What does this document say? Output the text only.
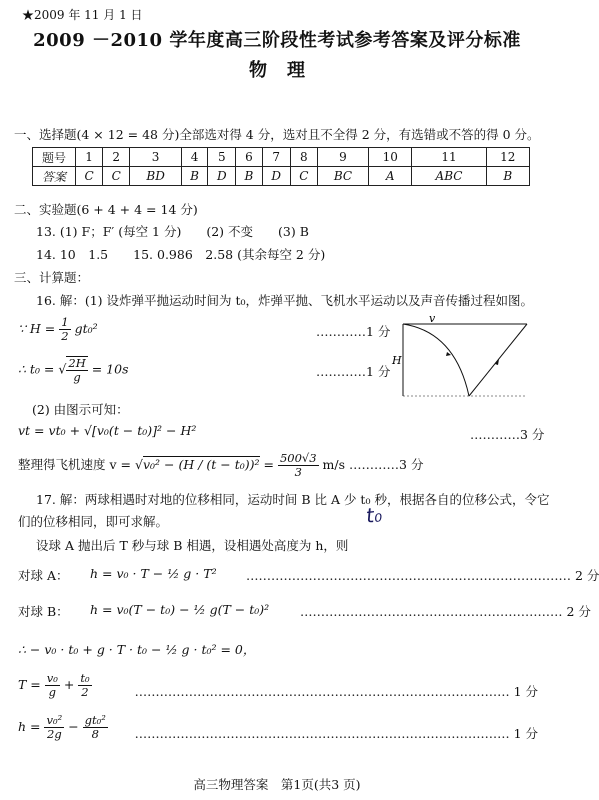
★2009 年 11 月 1 日
2009 －2010 学年度高三阶段性考试参考答案及评分标准
物理
一、选择题(4 × 12 = 48 分)全部选对得 4 分，选对且不全得 2 分，有选错或不答的得 0 分。
题号	1	2	3	4	5	6	7	8	9	10	11	12
答案	C	C	BD	B	D	B	D	C	BC	A	ABC	B
二、实验题(6 + 4 + 4 = 14 分)
13. (1) F；F′ (每空 1 分)　　(2) 不变　　(3) B
14. 10　1.5　　15. 0.986　2.58 (其余每空 2 分)
三、计算题：
16. 解：(1) 设炸弹平抛运动时间为 t₀，炸弹平抛、飞机水平运动以及声音传播过程如图。
∵ $H = \frac{1}{2} gt_0^2$	…………1 分
∴ t₀ = √ $\frac{2H}{g} = 10s$	…………1 分
v
H
(2) 由图示可知：
vt = vt₀ + √[v₀(t − t₀)]² − H²	…………3 分
整理得飞机速度 $v = √v_0^2 - (H / (t - t_0))^2 = \frac{500√3}{3} m/s$ …………3 分
17. 解：两球相遇时对地的位移相同，运动时间 B 比 A 少 t₀ 秒，根据各自的位移公式，令它
们的位移相同，即可求解。	t₀
设球 A 抛出后 T 秒与球 B 相遇，设相遇处高度为 h，则
对球 A： h = v₀ · T − ½ g · T² …………………………………………………………………… 2 分
对球 B： h = v₀(T − t₀) − ½ g(T − t₀)² ……………………………………………………… 2 分
∴ − v₀ · t₀ + g · T · t₀ − ½ g · t₀² = 0，
$T = \frac{\text{v₀}}{g} + \frac{\text{t₀}}{2}$	……………………………………………………………………………… 1 分
$h = \frac{\text{v₀²}}{2g} - \frac{\text{gt₀²}}{8}$	……………………………………………………………………………… 1 分
高三物理答案　第1页(共3 页)
